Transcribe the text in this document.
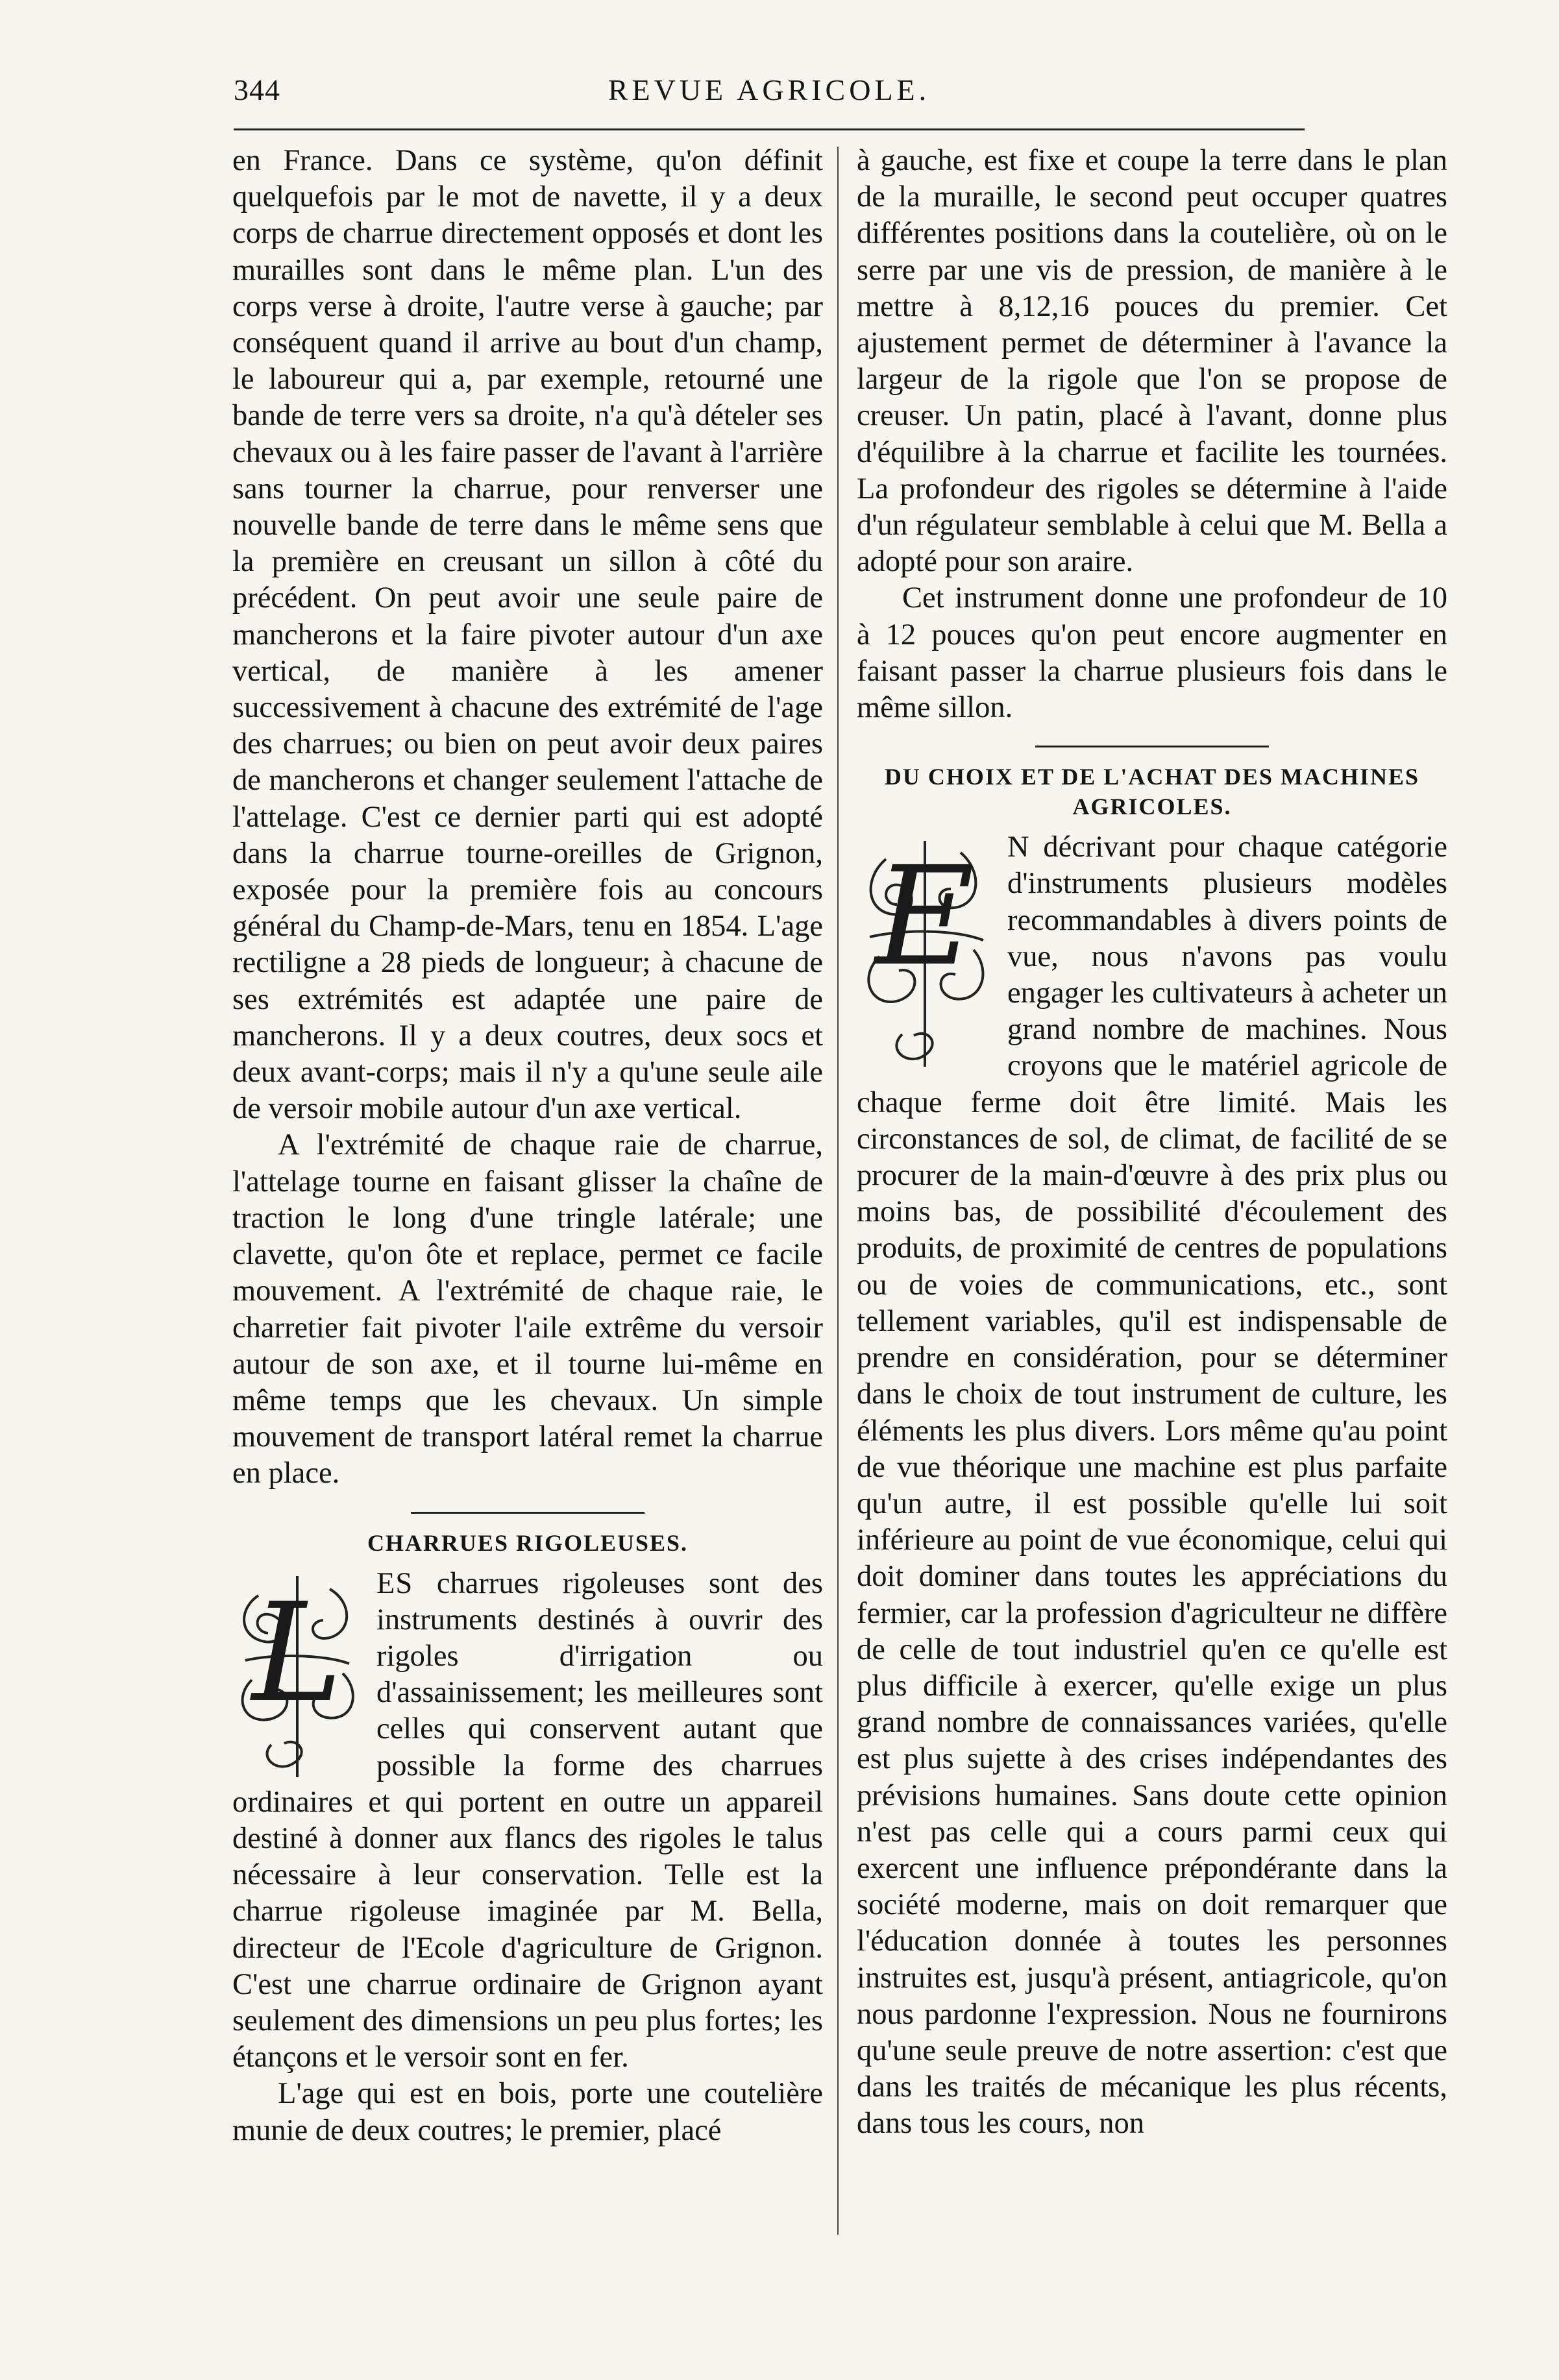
344	REVUE AGRICOLE.

en France. Dans ce système, qu'on définit quelquefois par le mot de navette, il y a deux corps de charrue directement opposés et dont les murailles sont dans le même plan. L'un des corps verse à droite, l'autre verse à gauche; par conséquent quand il arrive au bout d'un champ, le laboureur qui a, par exemple, retourné une bande de terre vers sa droite, n'a qu'à dételer ses chevaux ou à les faire passer de l'avant à l'arrière sans tourner la charrue, pour renverser une nouvelle bande de terre dans le même sens que la première en creusant un sillon à côté du précédent. On peut avoir une seule paire de mancherons et la faire pivoter autour d'un axe vertical, de manière à les amener successivement à chacune des extrémité de l'age des charrues; ou bien on peut avoir deux paires de mancherons et changer seulement l'attache de l'attelage. C'est ce dernier parti qui est adopté dans la charrue tourne-oreilles de Grignon, exposée pour la première fois au concours général du Champ-de-Mars, tenu en 1854. L'age rectiligne a 28 pieds de longueur; à chacune de ses extrémités est adaptée une paire de mancherons. Il y a deux coutres, deux socs et deux avant-corps; mais il n'y a qu'une seule aile de versoir mobile autour d'un axe vertical.

A l'extrémité de chaque raie de charrue, l'attelage tourne en faisant glisser la chaîne de traction le long d'une tringle latérale; une clavette, qu'on ôte et replace, permet ce facile mouvement. A l'extrémité de chaque raie, le charretier fait pivoter l'aile extrême du versoir autour de son axe, et il tourne lui-même en même temps que les chevaux. Un simple mouvement de transport latéral remet la charrue en place.

CHARRUES RIGOLEUSES.

L	ES charrues rigoleuses sont des instruments destinés à ouvrir des rigoles d'irrigation ou d'assainissement; les meilleures sont celles qui conservent autant que possible la forme des charrues ordinaires et qui portent en outre un appareil destiné à donner aux flancs des rigoles le talus nécessaire à leur conservation. Telle est la charrue rigoleuse imaginée par M. Bella, directeur de l'Ecole d'agriculture de Grignon. C'est une charrue ordinaire de Grignon ayant seulement des dimensions un peu plus fortes; les étançons et le versoir sont en fer.

L'age qui est en bois, porte une coutelière munie de deux coutres; le premier, placé

à gauche, est fixe et coupe la terre dans le plan de la muraille, le second peut occuper quatres différentes positions dans la coutelière, où on le serre par une vis de pression, de manière à le mettre à 8,12,16 pouces du premier. Cet ajustement permet de déterminer à l'avance la largeur de la rigole que l'on se propose de creuser. Un patin, placé à l'avant, donne plus d'équilibre à la charrue et facilite les tournées. La profondeur des rigoles se détermine à l'aide d'un régulateur semblable à celui que M. Bella a adopté pour son araire.

Cet instrument donne une profondeur de 10 à 12 pouces qu'on peut encore augmenter en faisant passer la charrue plusieurs fois dans le même sillon.

DU CHOIX ET DE L'ACHAT DES MACHINES AGRICOLES.

E	N décrivant pour chaque catégorie d'instruments plusieurs modèles recommandables à divers points de vue, nous n'avons pas voulu engager les cultivateurs à acheter un grand nombre de machines. Nous croyons que le matériel agricole de chaque ferme doit être limité. Mais les circonstances de sol, de climat, de facilité de se procurer de la main-d'œuvre à des prix plus ou moins bas, de possibilité d'écoulement des produits, de proximité de centres de populations ou de voies de communications, etc., sont tellement variables, qu'il est indispensable de prendre en considération, pour se déterminer dans le choix de tout instrument de culture, les éléments les plus divers. Lors même qu'au point de vue théorique une machine est plus parfaite qu'un autre, il est possible qu'elle lui soit inférieure au point de vue économique, celui qui doit dominer dans toutes les appréciations du fermier, car la profession d'agriculteur ne diffère de celle de tout industriel qu'en ce qu'elle est plus difficile à exercer, qu'elle exige un plus grand nombre de connaissances variées, qu'elle est plus sujette à des crises indépendantes des prévisions humaines. Sans doute cette opinion n'est pas celle qui a cours parmi ceux qui exercent une influence prépondérante dans la société moderne, mais on doit remarquer que l'éducation donnée à toutes les personnes instruites est, jusqu'à présent, antiagricole, qu'on nous pardonne l'expression. Nous ne fournirons qu'une seule preuve de notre assertion: c'est que dans les traités de mécanique les plus récents, dans tous les cours, non
